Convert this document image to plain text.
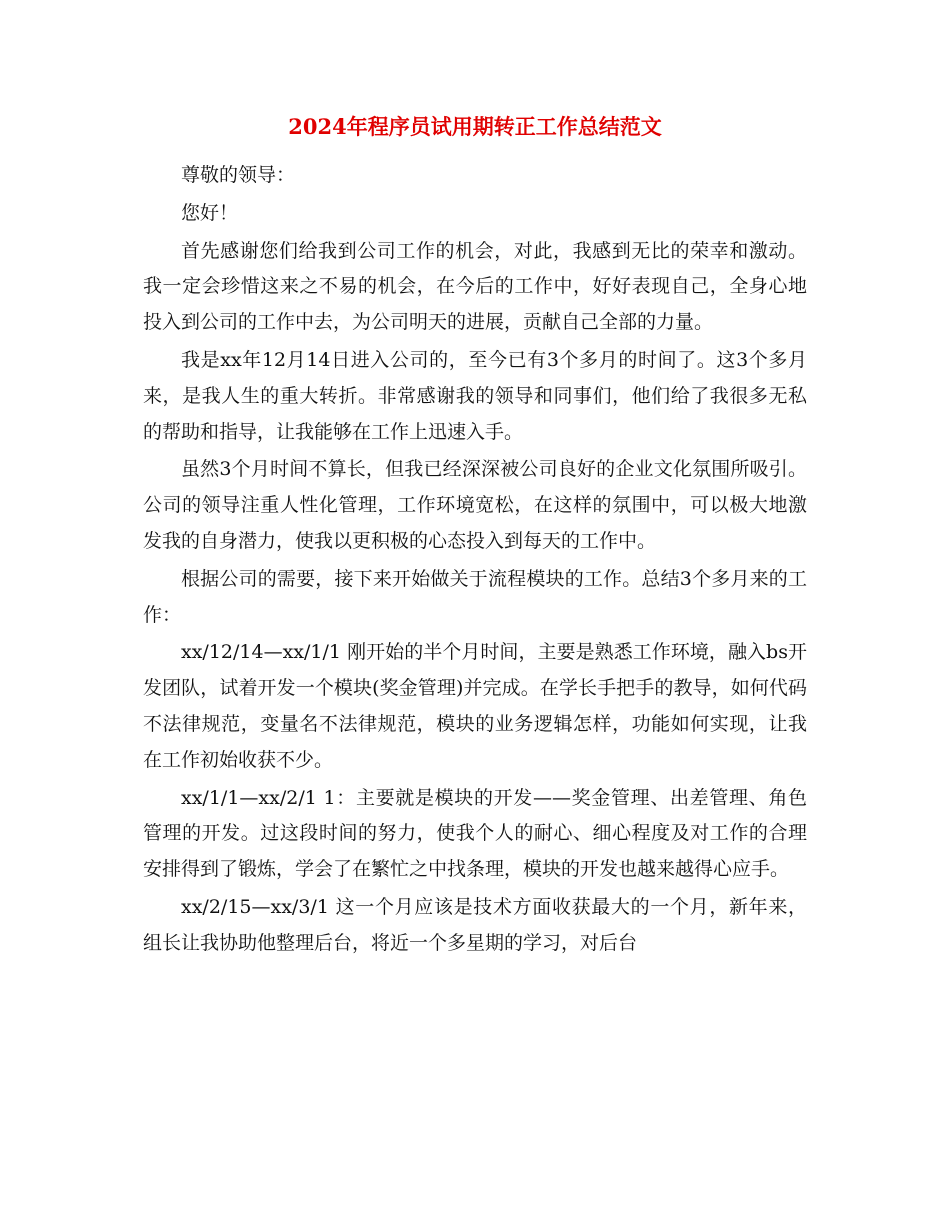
2024年程序员试用期转正工作总结范文

尊敬的领导：

您好！

首先感谢您们给我到公司工作的机会，对此，我感到无比的荣幸和激动。我一定会珍惜这来之不易的机会，在今后的工作中，好好表现自己，全身心地投入到公司的工作中去，为公司明天的进展，贡献自己全部的力量。

我是xx年12月14日进入公司的，至今已有3个多月的时间了。这3个多月来，是我人生的重大转折。非常感谢我的领导和同事们，他们给了我很多无私的帮助和指导，让我能够在工作上迅速入手。

虽然3个月时间不算长，但我已经深深被公司良好的企业文化氛围所吸引。公司的领导注重人性化管理，工作环境宽松，在这样的氛围中，可以极大地激发我的自身潜力，使我以更积极的心态投入到每天的工作中。

根据公司的需要，接下来开始做关于流程模块的工作。总结3个多月来的工作：

xx/12/14—xx/1/1 刚开始的半个月时间，主要是熟悉工作环境，融入bs开发团队，试着开发一个模块(奖金管理)并完成。在学长手把手的教导，如何代码不法律规范，变量名不法律规范，模块的业务逻辑怎样，功能如何实现，让我在工作初始收获不少。

xx/1/1—xx/2/1 1：主要就是模块的开发——奖金管理、出差管理、角色管理的开发。过这段时间的努力，使我个人的耐心、细心程度及对工作的合理安排得到了锻炼，学会了在繁忙之中找条理，模块的开发也越来越得心应手。

xx/2/15—xx/3/1 这一个月应该是技术方面收获最大的一个月，新年来，组长让我协助他整理后台，将近一个多星期的学习，对后台
